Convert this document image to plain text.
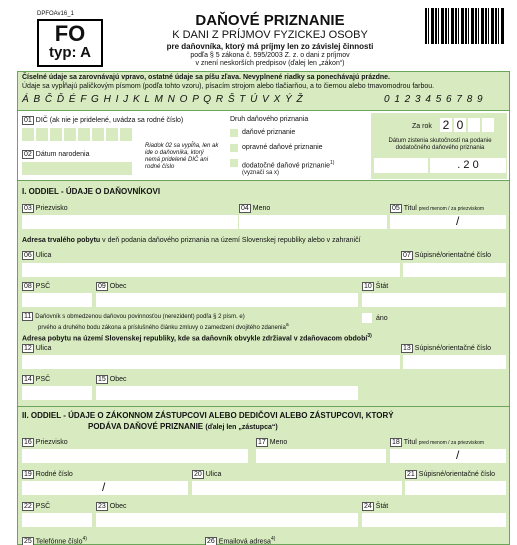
DPFOAv16_1
FO
typ: A
DAŇOVÉ PRIZNANIE
K DANI Z PRÍJMOV FYZICKEJ OSOBY
pre daňovníka, ktorý má príjmy len zo závislej činnosti
podľa § 5 zákona č. 595/2003 Z. z. o dani z príjmov
v znení neskorších predpisov (ďalej len „zákon“)
Číselné údaje sa zarovnávajú vpravo, ostatné údaje sa píšu zľava. Nevyplnené riadky sa ponechávajú prázdne.
Údaje sa vypĺňajú paličkovým písmom (podľa tohto vzoru), písacím strojom alebo tlačiarňou, a to čiernou alebo tmavomodrou farbou.
Á B Č Ď É F G H I J K L M N O P Q R Š T Ú V X Ý Ž	0 1 2 3 4 5 6 7 8 9
01 DIČ (ak nie je pridelené, uvádza sa rodné číslo)
02 Dátum narodenia
Riadok 02 sa vypĺňa, len ak ide o daňovníka, ktorý nemá pridelené DIČ ani rodné číslo
Druh daňového priznania
daňové priznanie
opravné daňové priznanie
dodatočné daňové priznanie$^{1)}$
(vyznačí sa x)
Za rok 2 0
Dátum zistenia skutočností na podanie dodatočného daňového priznania
. 2 0
I. ODDIEL - ÚDAJE O DAŇOVNÍKOVI
03 Priezvisko	04 Meno	05 Titul pred menom / za priezviskom
/
Adresa trvalého pobytu v deň podania daňového priznania na území Slovenskej republiky alebo v zahraničí
06 Ulica	07 Súpisné/orientačné číslo
08 PSČ	09 Obec	10 Štát
11 Daňovník s obmedzenou daňovou povinnosťou (nerezident) podľa § 2 písm. e)
prvého a druhého bodu zákona a príslušného článku zmluvy o zamedzení dvojitého zdanenia$^a$
áno
Adresa pobytu na území Slovenskej republiky, kde sa daňovník obvykle zdržiaval v zdaňovacom období$^{3)}$
12 Ulica	13 Súpisné/orientačné číslo
14 PSČ	15 Obec
II. ODDIEL - ÚDAJE O ZÁKONNOM ZÁSTUPCOVI ALEBO DEDIČOVI ALEBO ZÁSTUPCOVI, KTORÝ
PODÁVA DAŇOVÉ PRIZNANIE (ďalej len „zástupca“)
16 Priezvisko	17 Meno	18 Titul pred menom / za priezviskom
/
19 Rodné číslo
/
20 Ulica	21 Súpisné/orientačné číslo
22 PSČ	23 Obec	24 Štát
25 Telefónne číslo$^{4)}$	26 Emailová adresa$^{4)}$
